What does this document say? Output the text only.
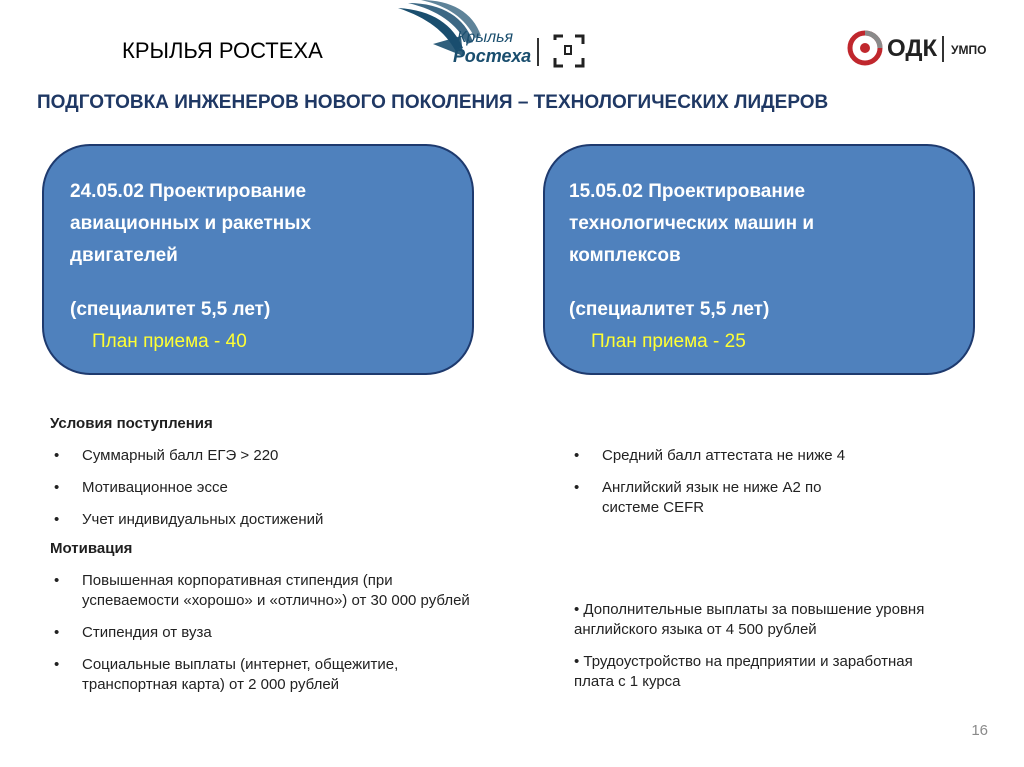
КРЫЛЬЯ РОСТЕХА
Крылья
Ростеха	ОДК УМПО
ПОДГОТОВКА ИНЖЕНЕРОВ НОВОГО ПОКОЛЕНИЯ – ТЕХНОЛОГИЧЕСКИХ ЛИДЕРОВ
24.05.02 Проектирование
авиационных и ракетных
двигателей
(специалитет 5,5 лет)
План приема - 40
15.05.02 Проектирование
технологических машин и
комплексов
(специалитет 5,5 лет)
План приема - 25
Условия поступления
• Суммарный балл ЕГЭ > 220
• Мотивационное эссе
• Учет индивидуальных достижений
Мотивация
• Повышенная корпоративная стипендия (при успеваемости «хорошо» и «отлично») от 30 000 рублей
• Стипендия от вуза
• Социальные выплаты (интернет, общежитие, транспортная карта) от 2 000 рублей
• Средний балл аттестата не ниже 4
• Английский язык не ниже А2 по системе CEFR
• Дополнительные выплаты за повышение уровня английского языка от 4 500 рублей
• Трудоустройство на предприятии и заработная плата с 1 курса
16
